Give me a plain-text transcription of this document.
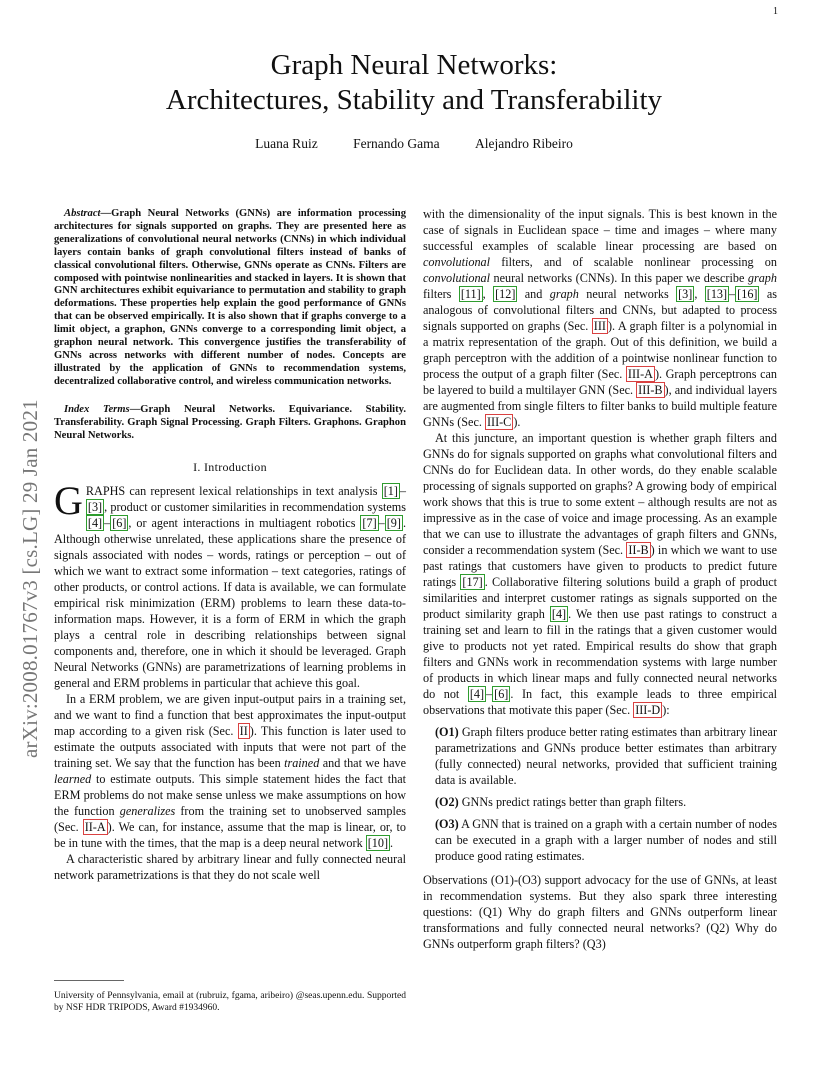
1
arXiv:2008.01767v3 [cs.LG] 29 Jan 2021
Graph Neural Networks:
Architectures, Stability and Transferability
Luana Ruiz	Fernando Gama	Alejandro Ribeiro

Abstract—Graph Neural Networks (GNNs) are information processing architectures for signals supported on graphs. They are presented here as generalizations of convolutional neural networks (CNNs) in which individual layers contain banks of graph convolutional filters instead of banks of classical convolutional filters. Otherwise, GNNs operate as CNNs. Filters are composed with pointwise nonlinearities and stacked in layers. It is shown that GNN architectures exhibit equivariance to permutation and stability to graph deformations. These properties help explain the good performance of GNNs that can be observed empirically. It is also shown that if graphs converge to a limit object, a graphon, GNNs converge to a corresponding limit object, a graphon neural network. This convergence justifies the transferability of GNNs across networks with different number of nodes. Concepts are illustrated by the application of GNNs to recommendation systems, decentralized collaborative control, and wireless communication networks.

Index Terms—Graph Neural Networks. Equivariance. Stability. Transferability. Graph Signal Processing. Graph Filters. Graphons. Graphon Neural Networks.

I. Introduction

GRAPHS can represent lexical relationships in text analysis [1] –[3] , product or customer similarities in recommendation systems [4] – [6] , or agent interactions in multiagent robotics [7] – [9] . Although otherwise unrelated, these applications share the presence of signals associated with nodes – words, ratings or perception – out of which we want to extract some information – text categories, ratings of other products, or control actions. If data is available, we can formulate empirical risk minimization (ERM) problems to learn these data-to-information maps. However, it is a form of ERM in which the graph plays a central role in describing relationships between signal components and, therefore, one in which it should be leveraged. Graph Neural Networks (GNNs) are parametrizations of learning problems in general and ERM problems in particular that achieve this goal.

In a ERM problem, we are given input-output pairs in a training set, and we want to find a function that best approximates the input-output map according to a given risk (Sec. II ). This function is later used to estimate the outputs associated with inputs that were not part of the training set. We say that the function has been trained and that we have learned to estimate outputs. This simple statement hides the fact that ERM problems do not make sense unless we make assumptions on how the function generalizes from the training set to unobserved samples (Sec. II-A ). We can, for instance, assume that the map is linear, or, to be in tune with the times, that the map is a deep neural network [10] .

A characteristic shared by arbitrary linear and fully connected neural network parametrizations is that they do not scale well

University of Pennsylvania, email at (rubruiz, fgama, aribeiro) @seas.upenn.edu. Supported by NSF HDR TRIPODS, Award #1934960.

with the dimensionality of the input signals. This is best known in the case of signals in Euclidean space – time and images – where many successful examples of scalable linear processing are based on convolutional filters, and of scalable nonlinear processing on convolutional neural networks (CNNs). In this paper we describe graph filters [11] , [12] and graph neural networks [3] , [13] – [16] as analogous of convolutional filters and CNNs, but adapted to process signals supported on graphs (Sec. III ). A graph filter is a polynomial in a matrix representation of the graph. Out of this definition, we build a graph perceptron with the addition of a pointwise nonlinear function to process the output of a graph filter (Sec. III-A ). Graph perceptrons can be layered to build a multilayer GNN (Sec. III-B ), and individual layers are augmented from single filters to filter banks to build multiple feature GNNs (Sec. III-C ).

At this juncture, an important question is whether graph filters and GNNs do for signals supported on graphs what convolutional filters and CNNs do for Euclidean data. In other words, do they enable scalable processing of signals supported on graphs? A growing body of empirical work shows that this is true to some extent – although results are not as impressive as in the case of voice and image processing. As an example that we can use to illustrate the advantages of graph filters and GNNs, consider a recommendation system (Sec. II-B ) in which we want to use past ratings that customers have given to products to predict future ratings [17] . Collaborative filtering solutions build a graph of product similarities and interpret customer ratings as signals supported on the product similarity graph [4] . We then use past ratings to construct a training set and learn to fill in the ratings that a given customer would give to products not yet rated. Empirical results do show that graph filters and GNNs work in recommendation systems with large number of products in which linear maps and fully connected neural networks do not [4] – [6] . In fact, this example leads to three empirical observations that motivate this paper (Sec. III-D ):

(O1) Graph filters produce better rating estimates than arbitrary linear parametrizations and GNNs produce better estimates than arbitrary (fully connected) neural networks, provided that sufficient training data is available.

(O2) GNNs predict ratings better than graph filters.

(O3) A GNN that is trained on a graph with a certain number of nodes can be executed in a graph with a larger number of nodes and still produce good rating estimates.

Observations (O1)-(O3) support advocacy for the use of GNNs, at least in recommendation systems. But they also spark three interesting questions: (Q1) Why do graph filters and GNNs outperform linear transformations and fully connected neural networks? (Q2) Why do GNNs outperform graph filters? (Q3)
